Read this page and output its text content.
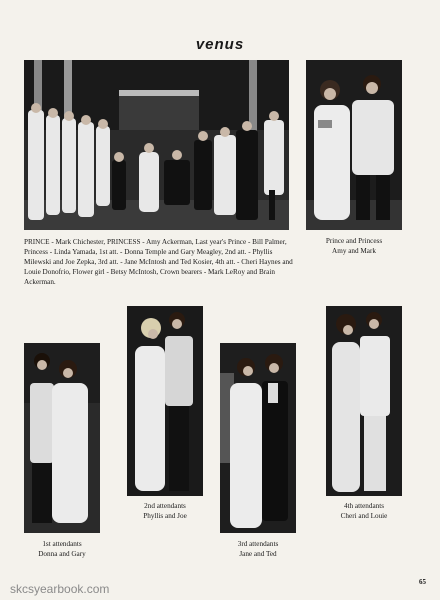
venus
PRINCE - Mark Chichester, PRINCESS - Amy Ackerman, Last year's Prince - Bill Palmer, Princess - Linda Yamada, 1st att. - Donna Temple and Gary Meagley, 2nd att. - Phyllis Milewski and Joe Zepka, 3rd att. - Jane McIntosh and Ted Kosier, 4th att. - Cheri Haynes and Louie Donofrio, Flower girl - Betsy McIntosh, Crown bearers - Mark LeRoy and Brain Ackerman.
Prince and Princess
Amy and Mark
1st attendants
Donna and Gary
2nd attendants
Phyllis and Joe
3rd attendants
Jane and Ted
4th attendants
Cheri and Louie
65
skcsyearbook.com
